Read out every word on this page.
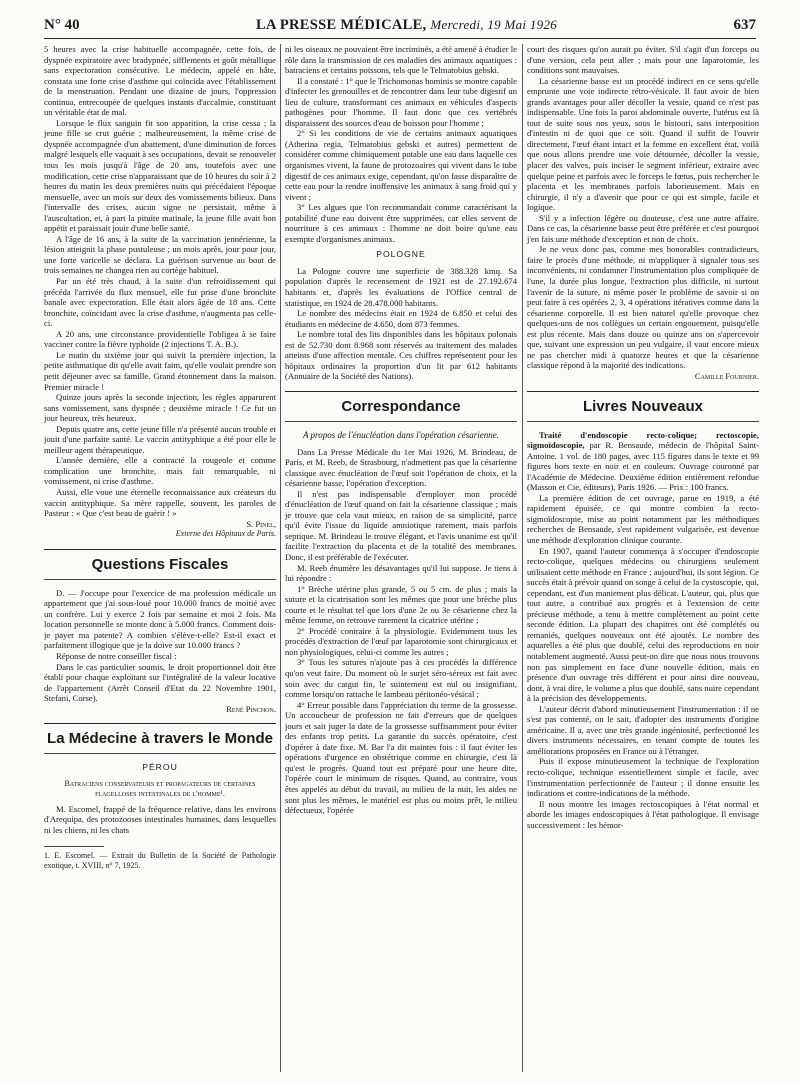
N° 40	LA PRESSE MÉDICALE, Mercredi, 19 Mai 1926	637

5 heures avec la crise habituelle accompagnée, cette fois, de dyspnée expiratoire avec bradypnée, sifflements et goût métallique sans expectoration consécutive. Le médecin, appelé en hâte, constata une forte crise d'asthme qui coïncida avec l'établissement de la menstruation. Pendant une dizaine de jours, l'oppression continua, entrecoupée de quelques instants d'accalmie, constituant un véritable état de mal.

Lorsque le flux sanguin fit son apparition, la crise cessa ; la jeune fille se crut guérie ; malheureusement, la même crise de dyspnée accompagnée d'un abattement, d'une diminution de forces malgré lesquels elle vaquait à ses occupations, devait se renouveler tous les mois jusqu'à l'âge de 20 ans, toutefois avec une modification, cette crise n'apparaissant que de 10 heures du soir à 2 heures du matin les deux premières nuits qui précédaient l'époque mensuelle, avec un mois sur deux des vomissements bilieux. Dans l'intervalle des crises, aucun signe ne persistait, même à l'auscultation, et, à part la pituite matinale, la jeune fille avait bon appétit et paraissait jouir d'une belle santé.

A l'âge de 16 ans, à la suite de la vaccination jennérienne, la lésion atteignit la phase pustuleuse ; un mois après, jour pour jour, une forte varicelle se déclara. La guérison survenue au bout de trois semaines ne changea rien au cortège habituel.

Par un été très chaud, à la suite d'un refroidissement qui précéda l'arrivée du flux mensuel, elle fut prise d'une bronchite banale avec expectoration. Elle était alors âgée de 18 ans. Cette bronchite, coïncidant avec la crise d'asthme, n'augmenta pas celle-ci.

A 20 ans, une circonstance providentielle l'obligea à se faire vacciner contre la fièvre typhoïde (2 injections T. A. B.).

Le matin du sixième jour qui suivit la première injection, la petite asthmatique dit qu'elle avait faim, qu'elle voulait prendre son petit déjeuner avec sa famille. Grand étonnement dans la maison. Premier miracle !

Quinze jours après la seconde injection, les règles apparurent sans vomissement, sans dyspnée ; deuxième miracle ! Ce fut un jour heureux, très heureux.

Depuis quatre ans, cette jeune fille n'a présenté aucun trouble et jouit d'une parfaite santé. Le vaccin antityphique a été pour elle le meilleur agent thérapeutique.

L'année dernière, elle a contracté la rougeole et comme complication une bronchite, mais fait remarquable, ni vomissement, ni crise d'asthme.

Aussi, elle voue une éternelle reconnaissance aux créateurs du vaccin antityphique. Sa mère rappelle, souvent, les paroles de Pasteur : « Que c'est beau de guérir ! »

S. Pinel,

Externe des Hôpitaux de Paris.

Questions Fiscales

D. — J'occupe pour l'exercice de ma profession médicale un appartement que j'ai sous-loué pour 10.000 francs de moitié avec un confrère. Lui y exerce 2 fois par semaine et moi 2 fois. Ma location personnelle se monte donc à 5.000 francs. Comment dois-je payer ma patente? A combien s'élève-t-elle? Est-il exact et parfaitement illogique que je la doive sur 10.000 francs ?

Réponse de notre conseiller fiscal :

Dans le cas particulier soumis, le droit proportionnel doit être établi pour chaque exploitant sur l'intégralité de la valeur locative de l'appartement (Arrêt Conseil d'Etat du 22 Novembre 1901, Stefani, Corse).

René Pinchon.

La Médecine à travers le Monde
PÉROU
Batraciens conservateurs et propagateurs de certaines flagelloses intestinales de l'homme¹.

M. Escomel, frappé de la fréquence relative, dans les environs d'Arequipa, des protozooses intestinales humaines, dans lesquelles ni les chiens, ni les chats

1. E. Escomel. — Extrait du Bulletin de la Société de Pathologie exotique, t. XVIII, n° 7, 1925.

ni les oiseaux ne pouvaient être incriminés, a été amené à étudier le rôle dans la transmission de ces maladies des animaux aquatiques : batraciens et certains poissons, tels que le Telmatobius gebski.

Il a constaté : 1° que le Trichomonas hominis se montre capable d'infecter les grenouilles et de rencontrer dans leur tube digestif un lieu de culture, transformant ces animaux en véhicules d'aspects pathogènes pour l'homme. Il faut donc que ces vertébrés disparaissent des sources d'eau de boisson pour l'homme ;

2° Si les conditions de vie de certains animaux aquatiques (Atherina regia, Telmatobius gebski et autres) permettent de considérer comme chimiquement potable une eau dans laquelle ces organismes vivent, la faune de protozoaires qui vivent dans le tube digestif de ces animaux exige, cependant, qu'on fasse disparaître de cette eau pour la rendre inoffensive les animaux à sang froid qui y vivent ;

3° Les algues que l'on recommandait comme caractérisant la potabilité d'une eau doivent être supprimées, car elles servent de nourriture à ces animaux : l'homme ne doit boire qu'une eau exempte d'organismes animaux.

POLOGNE

La Pologne couvre une superficie de 388.328 kmq. Sa population d'après le recensement de 1921 est de 27.192.674 habitants et, d'après les évaluations de l'Office central de statistique, en 1924 de 28.478.000 habitants.

Le nombre des médecins était en 1924 de 6.850 et celui des étudiants en médecine de 4.650, dont 873 femmes.

Le nombre total des lits disponibles dans les hôpitaux polonais est de 52.730 dont 8.968 sont réservés au traitement des malades atteints d'une affection mentale. Ces chiffres représentent pour les hôpitaux ordinaires la proportion d'un lit par 612 habitants (Annuaire de la Société des Nations).

Correspondance
A propos de l'énucléation dans l'opération césarienne.

Dans La Presse Médicale du 1er Mai 1926, M. Brindeau, de Paris, et M. Reeb, de Strasbourg, n'admettent pas que la césarienne classique avec énucléation de l'œuf soit l'opération de choix, et la césarienne basse, l'opération d'exception.

Il n'est pas indispensable d'employer mon procédé d'énucléation de l'œuf quand on fait la césarienne classique ; mais je trouve que cela vaut mieux, en raison de sa simplicité, parce qu'il évite l'issue du liquide amniotique rarement, mais parfois septique. M. Brindeau le trouve élégant, et l'avis unanime est qu'il facilite l'extraction du placenta et de la totalité des membranes. Donc, il est préférable de l'exécuter.

M. Reeb énumère les désavantages qu'il lui suppose. Je tiens à lui répondre :

1° Brèche utérine plus grande, 5 ou 5 cm. de plus ; mais la suture et la cicatrisation sont les mêmes que pour une brèche plus courte et le résultat tel que lors d'une 2e ou 3e césarienne chez la même femme, on retrouve rarement la cicatrice utérine ;

2° Procédé contraire à la physiologie. Evidemment tous les procédés d'extraction de l'œuf par laparotomie sont chirurgicaux et non physiologiques, celui-ci comme les autres ;

3° Tous les sutures n'ajoute pas à ces procédés la différence qu'on veut faire. Du moment où le surjet séro-séreux est fait avec soin avec du catgut fin, le suintement est nul ou insignifiant, comme lorsqu'on rattache le lambeau péritonéo-vésical ;

4° Erreur possible dans l'appréciation du terme de la grossesse. Un accoucheur de profession ne fait d'erreurs que de quelques jours et sait juger la date de la grossesse suffisamment pour éviter des enfants trop petits. La garantie du succès opératoire, c'est d'opérer à date fixe. M. Bar l'a dit maintes fois : il faut éviter les opérations d'urgence en obstétrique comme en chirurgie, c'est là qu'est le progrès. Quand tout est préparé pour une heure dite, l'opérée court le minimum de risques. Quand, au contraire, vous êtes appelés au début du travail, au milieu de la nuit, les aides ne sont plus les mêmes, le matériel est plus ou moins prêt, le milieu défectueux, l'opérée

court des risques qu'on aurait pu éviter. S'il s'agit d'un forceps ou d'une version, cela peut aller ; mais pour une laparotomie, les conditions sont mauvaises.

La césarienne basse est un procédé indirect en ce sens qu'elle emprunte une voie indirecte rétro-vésicale. Il faut avoir de bien grands avantages pour aller décoller la vessie, quand ce n'est pas indispensable. Une fois la paroi abdominale ouverte, l'utérus est là tout de suite sous nos yeux, sous le bistouri, sans interposition d'intestin ni de quoi que ce soit. Quand il suffit de l'ouvrir directement, l'œuf étant intact et la femme en excellent état, voilà que nous allons prendre une voie détournée, décoller la vessie, placer des valves, puis inciser le segment inférieur, extraire avec quelque peine et parfois avec le forceps le fœtus, puis rechercher le placenta et les membranes parfois laborieusement. Mais en chirurgie, il n'y a d'avenir que pour ce qui est simple, facile et logique.

S'il y a infection légère ou douteuse, c'est une autre affaire. Dans ce cas, la césarienne basse peut être préférée et c'est pourquoi j'en fais une méthode d'exception et non de choix.

Je ne veux donc pas, comme mes honorables contradicteurs, faire le procès d'une méthode, ni m'appliquer à signaler tous ses inconvénients, ni condamner l'instrumentation plus compliquée de l'une, la durée plus longue, l'extraction plus difficile, ni surtout l'avenir de la suture, ni même poser le problème de savoir si on peut faire à ces opérées 2, 3, 4 opérations itératives comme dans la césarienne corporelle. Il est bien naturel qu'elle provoque chez quelques-uns de nos collègues un certain engouement, puisqu'elle est plus récente. Mais dans douze ou quinze ans on s'apercevoir que, suivant une expression un peu vulgaire, il vaut encore mieux ne pas chercher midi à quatorze heures et que la césarienne classique répond à la majorité des indications.

Camille Fournier.

Livres Nouveaux

Traité d'endoscopie recto-colique; rectoscopie, sigmoïdoscopie, par R. Bensaude, médecin de l'hôpital Saint-Antoine. 1 vol. de 180 pages, avec 115 figures dans le texte et 99 figures hors texte en noir et en couleurs. Ouvrage couronné par l'Académie de Médecine. Deuxième édition entièrement refondue (Masson et Cie, éditeurs), Paris 1926. — Prix : 100 francs.

La première édition de cet ouvrage, parue en 1919, a été rapidement épuisée, ce qui montre combien la recto-sigmoïdoscopie, mise au point notamment par les méthodiques recherches de Bensaude, s'est rapidement vulgarisée, est devenue une méthode d'exploration clinique courante.

En 1907, quand l'auteur commença à s'occuper d'endoscopie recto-colique, quelques médecins ou chirurgiens seulement utilisaient cette méthode en France ; aujourd'hui, ils sont légion. Ce succès était à prévoir quand on songe à celui de la cystoscopie, qui, cependant, est d'un maniement plus délicat. L'auteur, qui, plus que tout autre, a contribué aux progrès et à l'extension de cette précieuse méthode, a tenu à mettre complètement au point cette seconde édition. La plupart des chapitres ont été complétés ou remaniés, quelques nouveaux ont été ajoutés. Le nombre des aquarelles a été plus que doublé, celui des reproductions en noir notablement augmenté. Aussi peut-on dire que nous nous trouvons non pas simplement en face d'une nouvelle édition, mais en présence d'un ouvrage très différent et pour ainsi dire nouveau, dont, à vrai dire, le volume a plus que doublé, sans nuire cependant à la précision des développements.

L'auteur décrit d'abord minutieusement l'instrumentation : il ne s'est pas contenté, on le sait, d'adopter des instruments d'origine américaine. Il a, avec une très grande ingéniosité, perfectionné les divers instruments nécessaires, en tenant compte de toutes les améliorations proposées en France ou à l'étranger.

Puis il expose minutieusement la technique de l'exploration recto-colique, technique essentiellement simple et facile, avec l'instrumentation perfectionnée de l'auteur ; il donne ensuite les indications et contre-indications de la méthode.

Il nous montre les images rectoscopiques à l'état normal et aborde les images endoscopiques à l'état pathologique. Il envisage successivement : les hémor-
